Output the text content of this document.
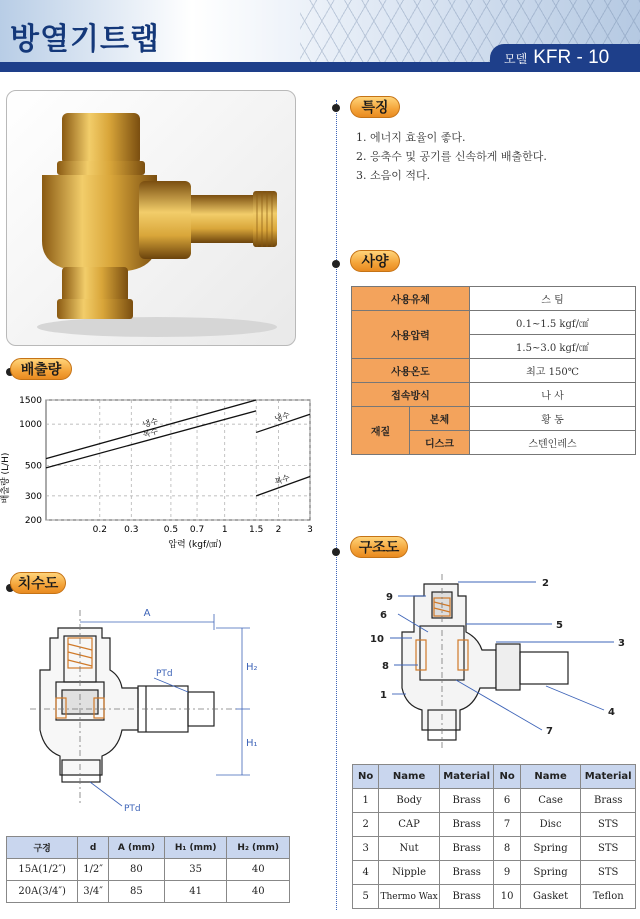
방열기트랩
모델 KFR - 10
특징
1. 에너지 효율이 좋다.
2. 응축수 및 공기를 신속하게 배출한다.
3. 소음이 적다.
사양
사용유체		스 팀
사용압력		0.1~1.5 kgf/㎠
		1.5~3.0 kgf/㎠
사용온도		최고 150℃
접속방식		나 사
재질	본체	황 동
	디스크	스텐인레스
배출량
0.2 0.3	0.5 0.7 1 1.5 2	3
200
300
500
1000
1500
냉수
복수
냉수
복수
배출량 (L/H)
압력 (kgf/㎠)
치수도
A
H₂
H₁
PTd
PTd
구경	d	A (mm)	H₁ (mm)	H₂ (mm)
15A(1/2″)	1/2″	80	35	40
20A(3/4″)	3/4″	85	41	40
구조도
9
6
10
8
1
2
5
3
4
7
No	Name	Material	No	Name	Material
1	Body	Brass	6	Case	Brass
2	CAP	Brass	7	Disc	STS
3	Nut	Brass	8	Spring	STS
4	Nipple	Brass	9	Spring	STS
5	Thermo Wax	Brass	10	Gasket	Teflon
